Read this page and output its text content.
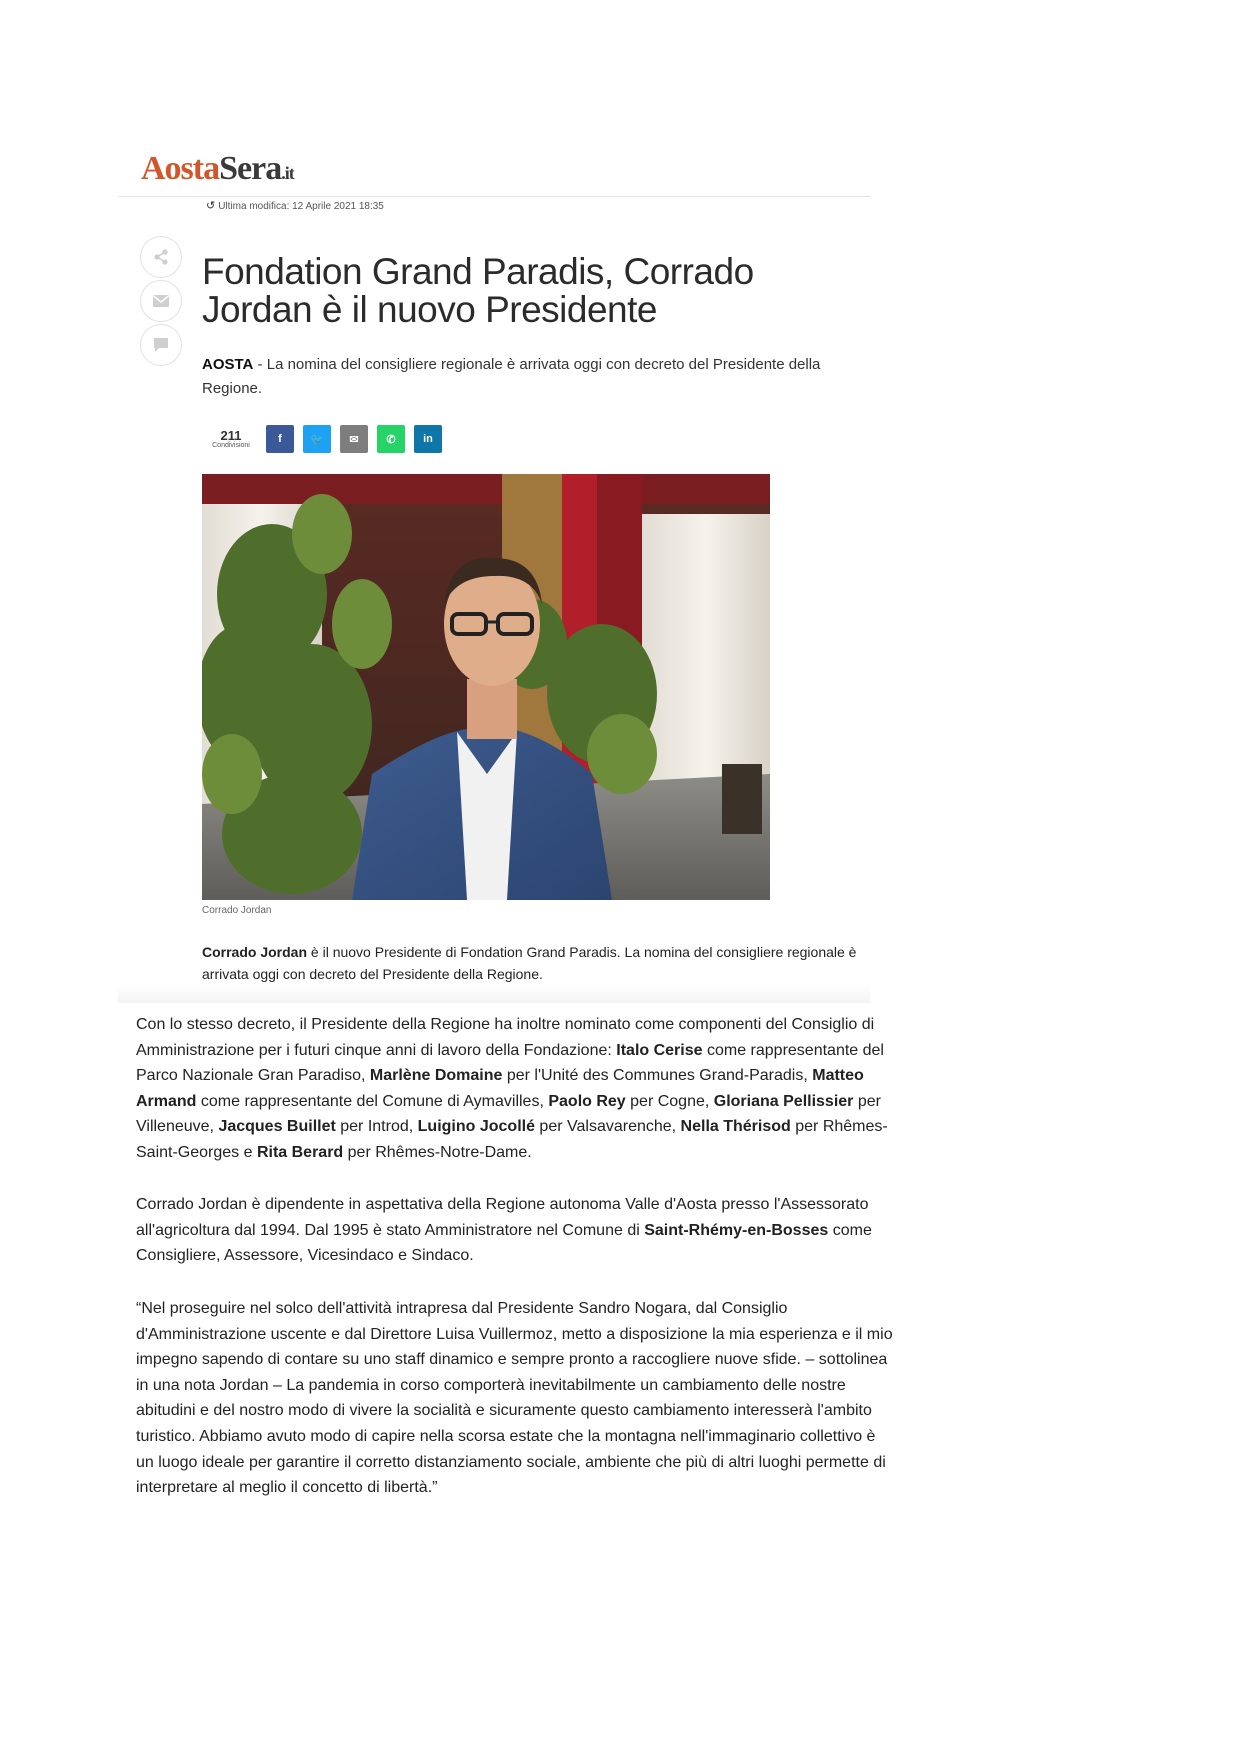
AostaSera.it
↺ Ultima modifica: 12 Aprile 2021 18:35
Fondation Grand Paradis, Corrado Jordan è il nuovo Presidente
AOSTA - La nomina del consigliere regionale è arrivata oggi con decreto del Presidente della Regione.
211
Condivisioni
f	🐦	✉	✆	in
Corrado Jordan
Corrado Jordan è il nuovo Presidente di Fondation Grand Paradis. La nomina del consigliere regionale è arrivata oggi con decreto del Presidente della Regione.

Con lo stesso decreto, il Presidente della Regione ha inoltre nominato come componenti del Consiglio di Amministrazione per i futuri cinque anni di lavoro della Fondazione: Italo Cerise come rappresentante del Parco Nazionale Gran Paradiso, Marlène Domaine per l'Unité des Communes Grand-Paradis, Matteo Armand come rappresentante del Comune di Aymavilles, Paolo Rey per Cogne, Gloriana Pellissier per Villeneuve, Jacques Buillet per Introd, Luigino Jocollé per Valsavarenche, Nella Thérisod per Rhêmes-Saint-Georges e Rita Berard per Rhêmes-Notre-Dame.

Corrado Jordan è dipendente in aspettativa della Regione autonoma Valle d'Aosta presso l'Assessorato all'agricoltura dal 1994. Dal 1995 è stato Amministratore nel Comune di Saint-Rhémy-en-Bosses come Consigliere, Assessore, Vicesindaco e Sindaco.

“Nel proseguire nel solco dell'attività intrapresa dal Presidente Sandro Nogara, dal Consiglio d'Amministrazione uscente e dal Direttore Luisa Vuillermoz, metto a disposizione la mia esperienza e il mio impegno sapendo di contare su uno staff dinamico e sempre pronto a raccogliere nuove sfide. – sottolinea in una nota Jordan – La pandemia in corso comporterà inevitabilmente un cambiamento delle nostre abitudini e del nostro modo di vivere la socialità e sicuramente questo cambiamento interesserà l'ambito turistico. Abbiamo avuto modo di capire nella scorsa estate che la montagna nell'immaginario collettivo è un luogo ideale per garantire il corretto distanziamento sociale, ambiente che più di altri luoghi permette di interpretare al meglio il concetto di libertà.”
